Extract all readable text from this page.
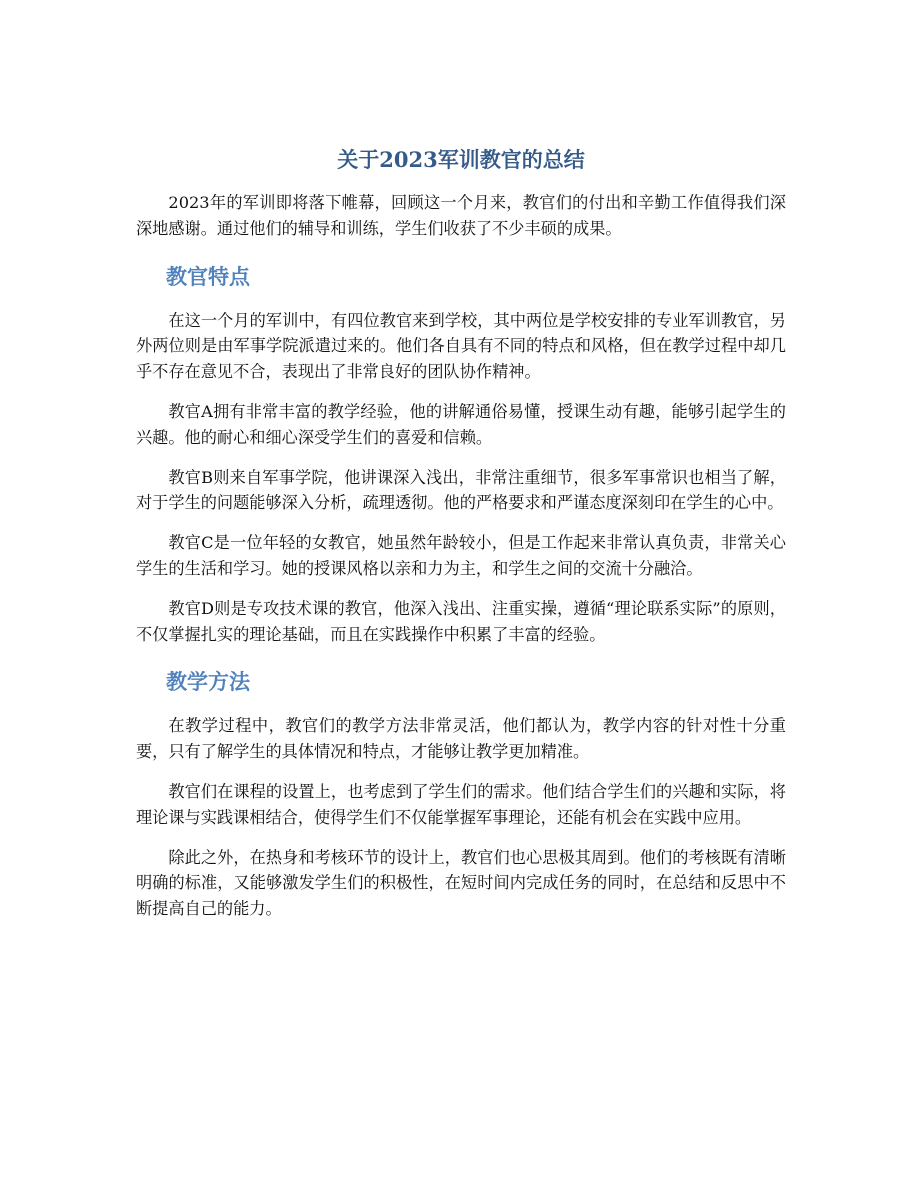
关于2023军训教官的总结

2023年的军训即将落下帷幕，回顾这一个月来，教官们的付出和辛勤工作值得我们深深地感谢。通过他们的辅导和训练，学生们收获了不少丰硕的成果。

教官特点

在这一个月的军训中，有四位教官来到学校，其中两位是学校安排的专业军训教官，另外两位则是由军事学院派遣过来的。他们各自具有不同的特点和风格，但在教学过程中却几乎不存在意见不合，表现出了非常良好的团队协作精神。

教官A拥有非常丰富的教学经验，他的讲解通俗易懂，授课生动有趣，能够引起学生的兴趣。他的耐心和细心深受学生们的喜爱和信赖。

教官B则来自军事学院，他讲课深入浅出，非常注重细节，很多军事常识也相当了解，对于学生的问题能够深入分析，疏理透彻。他的严格要求和严谨态度深刻印在学生的心中。

教官C是一位年轻的女教官，她虽然年龄较小，但是工作起来非常认真负责，非常关心学生的生活和学习。她的授课风格以亲和力为主，和学生之间的交流十分融洽。

教官D则是专攻技术课的教官，他深入浅出、注重实操，遵循“理论联系实际”的原则，不仅掌握扎实的理论基础，而且在实践操作中积累了丰富的经验。

教学方法

在教学过程中，教官们的教学方法非常灵活，他们都认为，教学内容的针对性十分重要，只有了解学生的具体情况和特点，才能够让教学更加精准。

教官们在课程的设置上，也考虑到了学生们的需求。他们结合学生们的兴趣和实际，将理论课与实践课相结合，使得学生们不仅能掌握军事理论，还能有机会在实践中应用。

除此之外，在热身和考核环节的设计上，教官们也心思极其周到。他们的考核既有清晰明确的标准，又能够激发学生们的积极性，在短时间内完成任务的同时，在总结和反思中不断提高自己的能力。
